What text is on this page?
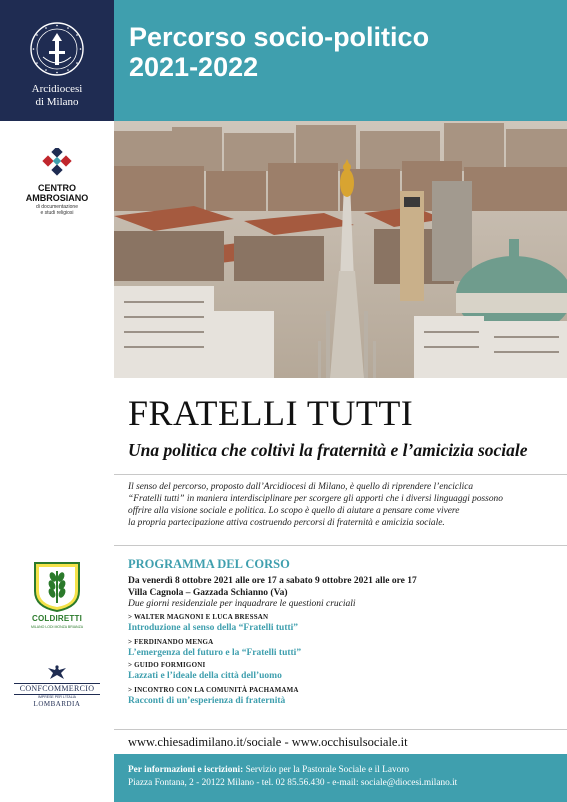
Arcidiocesi
di Milano
CENTRO
AMBROSIANO
di documentazione
e studi religiosi
COLDIRETTI
MILANO LODI MONZA BRIANZA
CONFCOMMERCIO
IMPRESE PER L'ITALIA
LOMBARDIA
Percorso socio-politico
2021-2022
FRATELLI TUTTI
Una politica che coltivi la fraternità e l’amicizia sociale
Il senso del percorso, proposto dall’Arcidiocesi di Milano, è quello di riprendere l’enciclica
“Fratelli tutti” in maniera interdisciplinare per scorgere gli apporti che i diversi linguaggi possono
offrire alla visione sociale e politica. Lo scopo è quello di aiutare a pensare come vivere
la propria partecipazione attiva costruendo percorsi di fraternità e amicizia sociale.
PROGRAMMA DEL CORSO
Da venerdì 8 ottobre 2021 alle ore 17 a sabato 9 ottobre 2021 alle ore 17
Villa Cagnola – Gazzada Schianno (Va)
Due giorni residenziale per inquadrare le questioni cruciali
> WALTER MAGNONI E LUCA BRESSAN
Introduzione al senso della “Fratelli tutti”
> FERDINANDO MENGA
L’emergenza del futuro e la “Fratelli tutti”
> GUIDO FORMIGONI
Lazzati e l’ideale della città dell’uomo
> INCONTRO CON LA COMUNITÀ PACHAMAMA
Racconti di un’esperienza di fraternità
www.chiesadimilano.it/sociale - www.occhisulsociale.it
Per informazioni e iscrizioni: Servizio per la Pastorale Sociale e il Lavoro
Piazza Fontana, 2 - 20122 Milano - tel. 02 85.56.430 - e-mail: sociale@diocesi.milano.it
